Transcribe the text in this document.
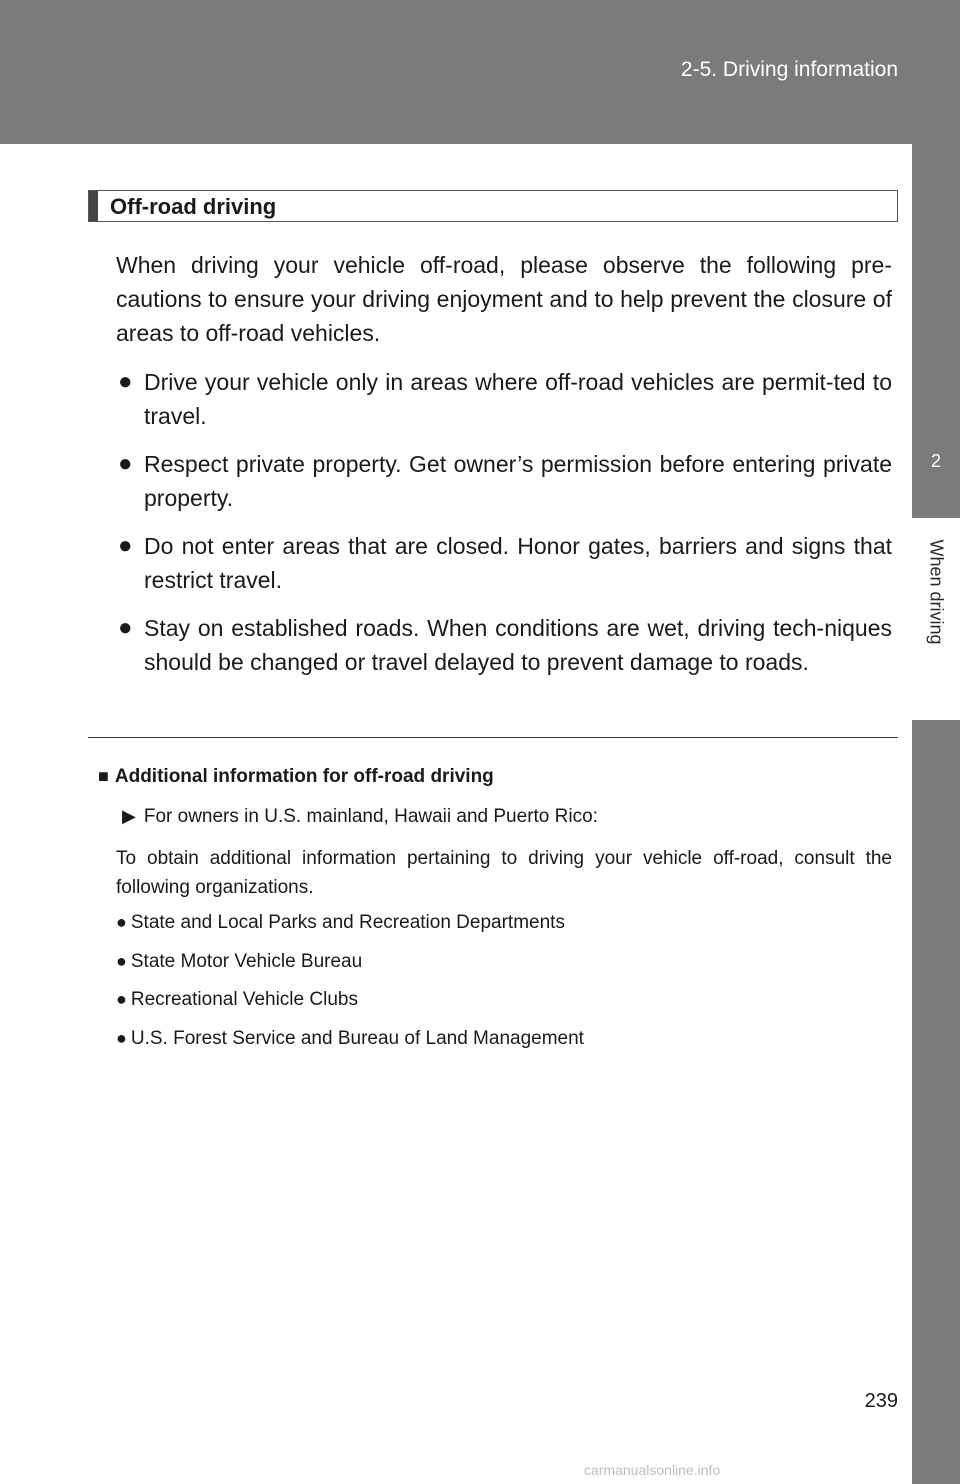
2-5. Driving information
2
When driving
Off-road driving
When driving your vehicle off-road, please observe the following pre-cautions to ensure your driving enjoyment and to help prevent the closure of areas to off-road vehicles.
● Drive your vehicle only in areas where off-road vehicles are permit-ted to travel.
● Respect private property. Get owner’s permission before entering private property.
● Do not enter areas that are closed. Honor gates, barriers and signs that restrict travel.
● Stay on established roads. When conditions are wet, driving tech-niques should be changed or travel delayed to prevent damage to roads.
■ Additional information for off-road driving
▶ For owners in U.S. mainland, Hawaii and Puerto Rico:
To obtain additional information pertaining to driving your vehicle off-road, consult the following organizations.
● State and Local Parks and Recreation Departments
● State Motor Vehicle Bureau
● Recreational Vehicle Clubs
● U.S. Forest Service and Bureau of Land Management
239
carmanualsonline.info
